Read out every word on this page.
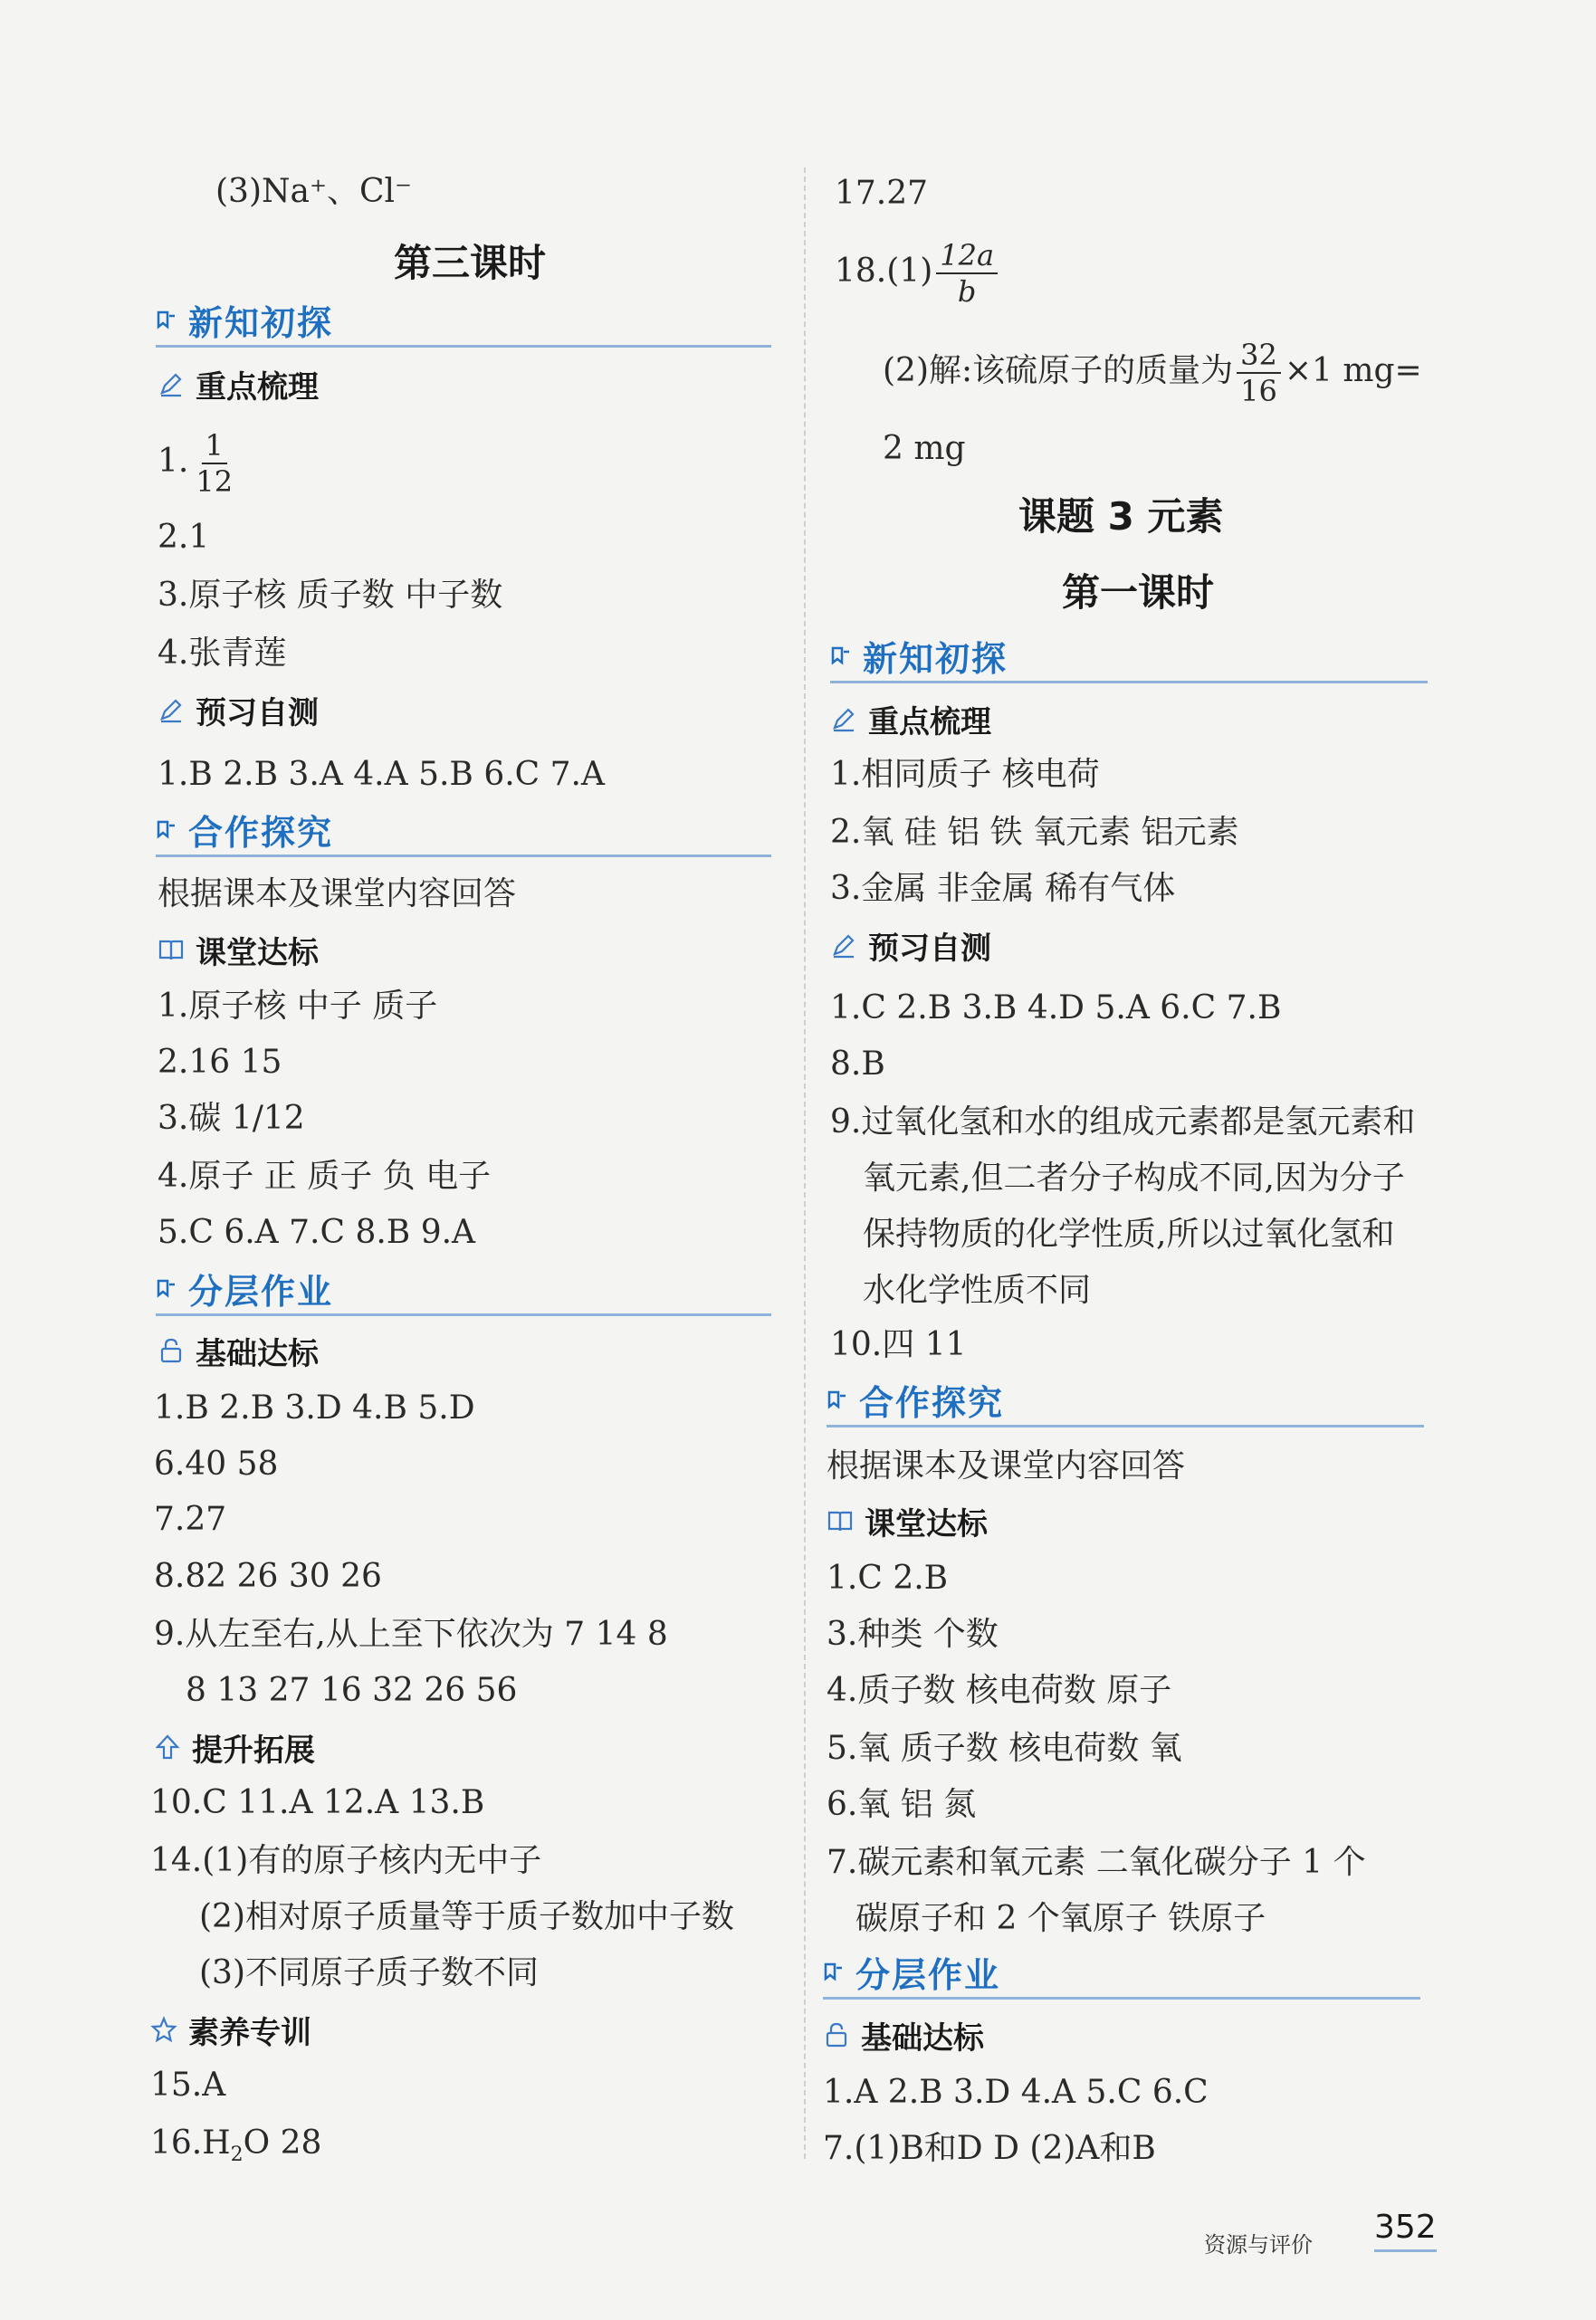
(3)Na⁺、Cl⁻
第三课时
新知初探
重点梳理
1. $\frac{1}{12}$
2.1
3.原子核 质子数 中子数
4.张青莲
预习自测
1.B 2.B 3.A 4.A 5.B 6.C 7.A
合作探究
根据课本及课堂内容回答
课堂达标
1.原子核 中子 质子
2.16 15
3.碳 1/12
4.原子 正 质子 负 电子
5.C 6.A 7.C 8.B 9.A
分层作业
基础达标
1.B 2.B 3.D 4.B 5.D
6.40 58
7.27
8.82 26 30 26
9.从左至右,从上至下依次为 7 14 8
8 13 27 16 32 26 56
提升拓展
10.C 11.A 12.A 13.B
14.(1)有的原子核内无中子
(2)相对原子质量等于质子数加中子数
(3)不同原子质子数不同
素养专训
15.A
$16.H_2O$ 28
17.27
$18.(1) \frac{12a}{b}$
(2)解:该硫原子的质量为 $\frac{32}{16} \times 1$ mg=
2 mg
课题 3 元素
第一课时
新知初探
重点梳理
1.相同质子 核电荷
2.氧 硅 铝 铁 氧元素 铝元素
3.金属 非金属 稀有气体
预习自测
1.C 2.B 3.B 4.D 5.A 6.C 7.B
8.B
9.过氧化氢和水的组成元素都是氢元素和
氧元素,但二者分子构成不同,因为分子
保持物质的化学性质,所以过氧化氢和
水化学性质不同
10.四 11
合作探究
根据课本及课堂内容回答
课堂达标
1.C 2.B
3.种类 个数
4.质子数 核电荷数 原子
5.氧 质子数 核电荷数 氧
6.氧 铝 氮
7.碳元素和氧元素 二氧化碳分子 1 个
碳原子和 2 个氧原子 铁原子
分层作业
基础达标
1.A 2.B 3.D 4.A 5.C 6.C
7.(1)B和D D (2)A和B
资源与评价 352
